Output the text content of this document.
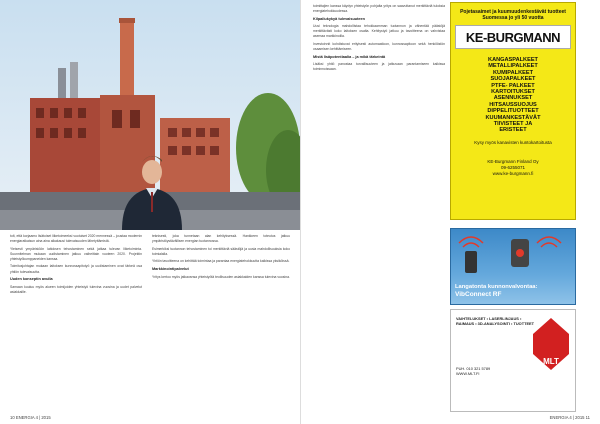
tolt, että korjaamo lisätoiset liiketoimeeksi vuotuiset 2020 mennessä – joustaa modernin energiaratkaisun aina aina aikakausi tulevaisuuden lähetyttämistä.

Yleisesti ympäristöön laitoksen tehostaminen sekä jatkaa tulevan liiketoiminta. Suunnitelman mukaan uudistaminen jatkuu vaiheittain vuoteen 2020. Projektin yhteistyökumppaneiden kanssa.

Toimitusjohtajan mukaan laitoksen kunnossapitotyö ja uudistaminen ovat tärkeä osa yhtiön tulevaisuutta.

Uuden konseptin avulla

Samaan kuuluu myös alueen toimijoiden yhteistyö tulevina vuosina ja uudet palvelut asiakkaille.

teknisesti, joka tunnetaan alan kehityksessä. Hankkeen toteutus jatkuu ympäristöystävällisen energian tuotannossa.

Esimerkiksi tuotannon tehostaminen toi merkittäviä säästöjä ja uusia mahdollisuuksia koko toimialalla.

Yhtiön tavoitteena on kehittää toimintaa ja parantaa energiatehokkuutta kaikissa yksiköissä.

Markkinointipalvelut

Yritys kertoo myös jatkavansa yhteistyötä teollisuuden asiakkaiden kanssa tulevina vuosina.

10 ENERGIA 4 | 2015

toimittajien kanssa käydyn yhteistyön pohjalta yritys on saavuttanut merkittäviä tuloksia energiatehokkuudessa.

Kilpailukykyä tulevaisuuteen

Uusi teknologia mahdollistaa tehokkaamman tuotannon ja vähentää päästöjä merkittävästi koko laitoksen osalta. Kehitystyö jatkuu ja tavoitteena on vahvistaa asemaa markkinoilla.

Investoinnit kohdistuvat erityisesti automaatioon, kunnossapitoon sekä henkilöstön osaamisen kehittämiseen.

Mistä lisäpotentiaalia – ja mikä tärkeintä

Lisäksi yhtiö panostaa turvallisuuteen ja jatkuvaan parantamiseen kaikissa toiminnoissaan.

ENERGIA 4 | 2015 11
Pojetasaimet ja kuumuudenkestävät tuotteet Suomessa jo yli 50 vuotta
KE-BURGMANN
KANGASPALKEET
METALLIPALKEET
KUMIPALKEET
SUOJAPALKEET
PTFE- PALKEET
KARTOITUKSET
ASENNUKSET
HITSAUSSUOJUS
DIPPELITUOTTEET
KUUMANKESTÄVÄT
TIIVISTEET JA
ERISTEET
Kysy myös kanavisten kuntokartoitusta
KE-Burgmann Finland Oy
09-6255071
www.ke-burgmann.fi
Langatonta kunnonvalvontaa:
VibConnect RF
VAIHTELUKSET • LASERLINJAUS • RAIMAUS • 3D-ANALYSOINTI • TUOTTEET
PUH. 010 321 5789
WWW.MLT.FI
MLT
